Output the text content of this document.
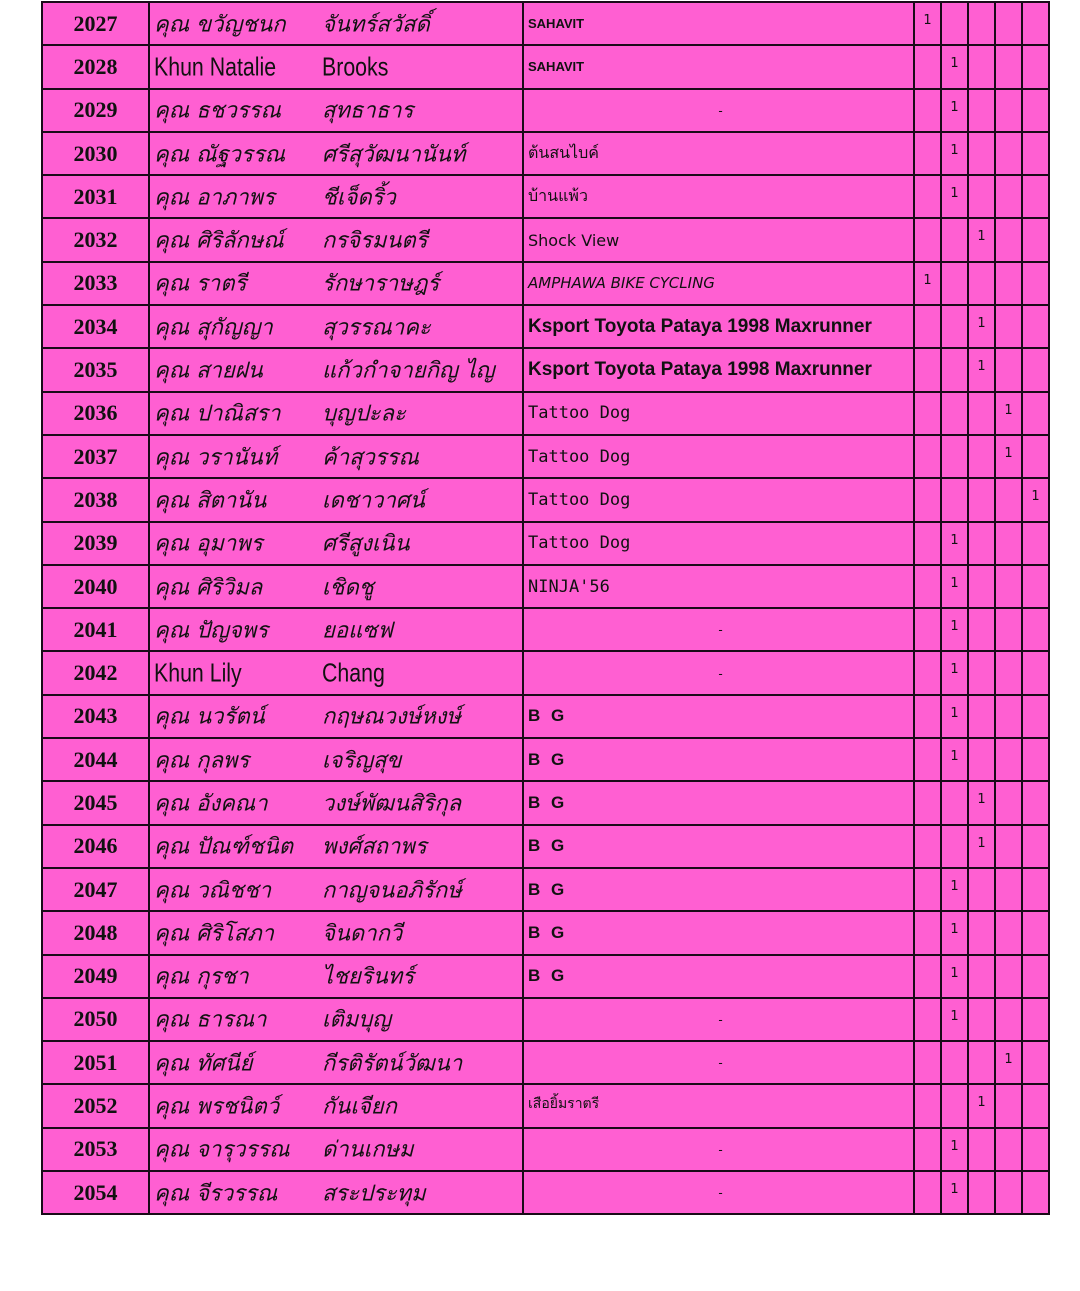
2027	คุณ ขวัญชนก จันทร์สวัสดิ์	SAHAVIT	1				
2028	Khun Natalie Brooks	SAHAVIT		1			
2029	คุณ ธชวรรณ สุทธาธาร	-		1			
2030	คุณ ณัฐวรรณ ศรีสุวัฒนานันท์	ต้นสนไบค์		1			
2031	คุณ อาภาพร ชีเจ็ดริ้ว	บ้านแพ้ว		1			
2032	คุณ ศิริลักษณ์ กรจิรมนตรี	Shock View			1		
2033	คุณ ราตรี รักษาราษฎร์	AMPHAWA BIKE CYCLING	1				
2034	คุณ สุกัญญา สุวรรณาคะ	Ksport Toyota Pataya 1998 Maxrunner			1		
2035	คุณ สายฝน แก้วกำจายกิญ ไญ	Ksport Toyota Pataya 1998 Maxrunner			1		
2036	คุณ ปาณิสรา บุญปะละ	Tattoo Dog				1	
2037	คุณ วรานันท์ ค้าสุวรรณ	Tattoo Dog				1	
2038	คุณ สิตานัน เดชาวาศน์	Tattoo Dog					1
2039	คุณ อุมาพร ศรีสูงเนิน	Tattoo Dog		1			
2040	คุณ ศิริวิมล เชิดชู	NINJA'56		1			
2041	คุณ ปัญจพร ยอแซฟ	-		1			
2042	Khun Lily Chang	-		1			
2043	คุณ นวรัตน์ กฤษณวงษ์หงษ์	B G		1			
2044	คุณ กุลพร เจริญสุข	B G		1			
2045	คุณ อังคณา วงษ์พัฒนสิริกุล	B G			1		
2046	คุณ ปัณฑ์ชนิต พงศ์สถาพร	B G			1		
2047	คุณ วณิชชา กาญจนอภิรักษ์	B G		1			
2048	คุณ ศิริโสภา จินดากวี	B G		1			
2049	คุณ กุรชา ไชยรินทร์	B G		1			
2050	คุณ ธารณา เติมบุญ	-		1			
2051	คุณ ทัศนีย์ กีรติรัตน์วัฒนา	-				1	
2052	คุณ พรชนิตว์ กันเจียก	เสือยิ้มราตรี			1		
2053	คุณ จารุวรรณ ด่านเกษม	-		1			
2054	คุณ จีรวรรณ สระประทุม	-		1			
